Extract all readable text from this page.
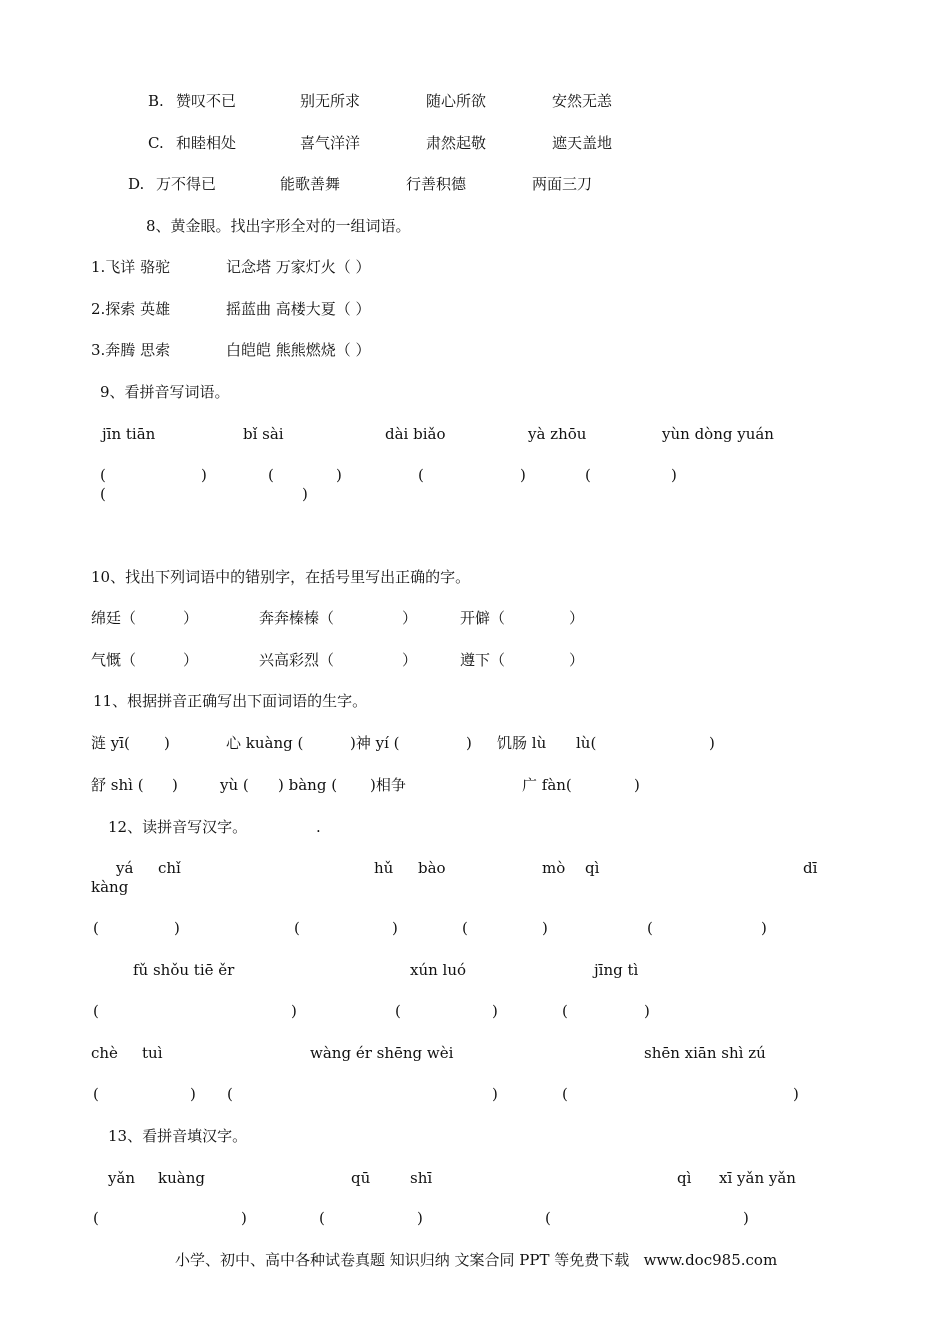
B. 赞叹不已	别无所求	随心所欲	安然无恙
C. 和睦相处	喜气洋洋	肃然起敬	遮天盖地
D. 万不得已	能歌善舞	行善积德	两面三刀
8、黄金眼。找出字形全对的一组词语。
1.飞详 骆驼	记念塔 万家灯火（ ）
2.探索 英雄	摇蓝曲 高楼大夏（ ）
3.奔腾 思索	白皑皑 熊熊燃烧（ ）
9、看拼音写词语。
jīn tiān	bǐ sài	dài biǎo	yà zhōu	yùn dòng yuán
(	)	(	)	(	)	(	)
(	)
10、找出下列词语中的错别字，在括号里写出正确的字。
绵廷（	）	奔奔榛榛（	）	开僻（	）
气慨（	）	兴高彩烈（	）	遵下（	）
11、根据拼音正确写出下面词语的生字。
涟 yī( )	心 kuàng (	)神 yí (	) 饥肠 lù lù(	)
舒 shì ( )	yù ( ) bàng ( )相争	广 fàn(	)
12、读拼音写汉字。	.
yá chǐ	hǔ bào	mò qì	dī
kàng
(	)	(	)	(	)	(	)
fǔ shǒu tiē ěr	xún luó	jīng tì
(	)	(	)	(	)
chè tuì	wàng ér shēng wèi	shēn xiān shì zú
(	) (	)	(	)
13、看拼音填汉字。
yǎn kuàng	qū	shī	qì xī yǎn yǎn
(	)	(	)	(	)
小学、初中、高中各种试卷真题 知识归纳 文案合同 PPT 等免费下载   www.doc985.com
